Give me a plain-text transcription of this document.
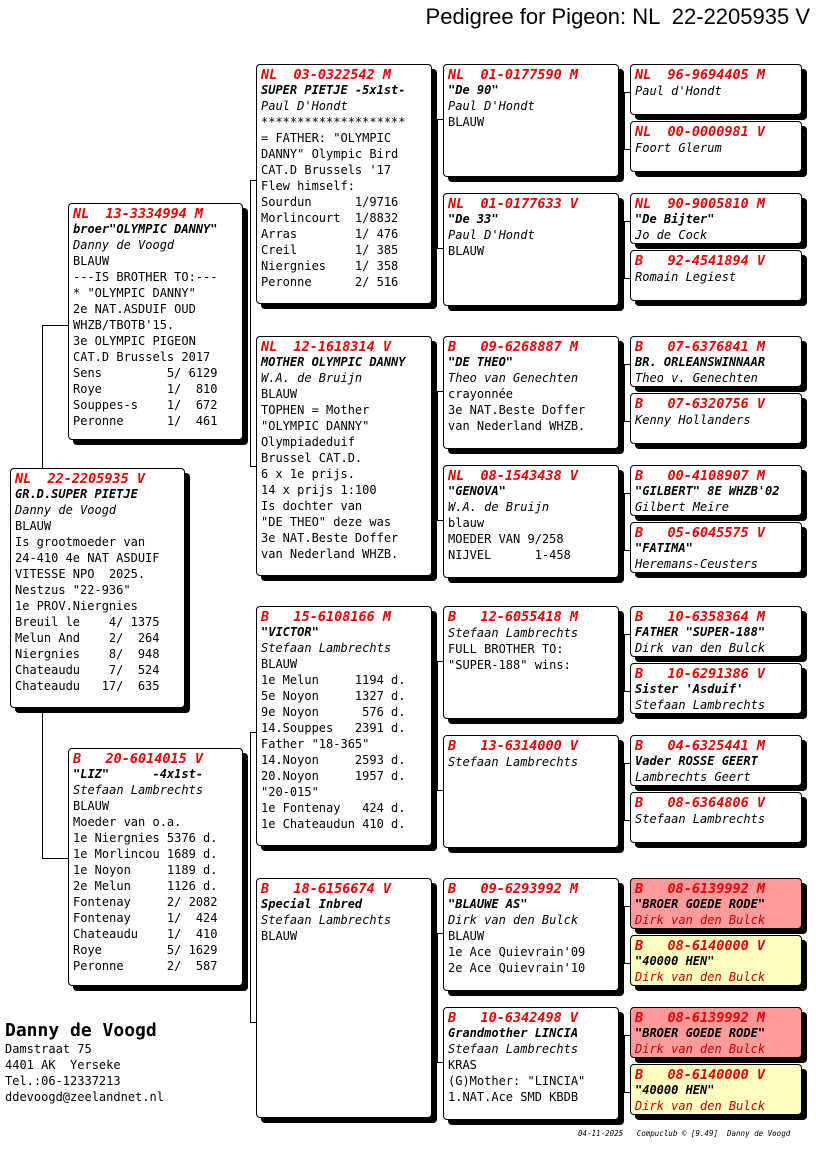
Pedigree for Pigeon: NL  22-2205935 V
NL  22-2205935 V
GR.D.SUPER PIETJE
Danny de Voogd
BLAUW
Is grootmoeder van
24-410 4e NAT ASDUIF
VITESSE NPO  2025.
Nestzus "22-936"
1e PROV.Niergnies
Breuil le    4/ 1375
Melun And    2/  264
Niergnies    8/  948
Chateaudu    7/  524
Chateaudu   17/  635
NL  13-3334994 M
broer"OLYMPIC DANNY"
Danny de Voogd
BLAUW
---IS BROTHER TO:---
* "OLYMPIC DANNY"
2e NAT.ASDUIF OUD
WHZB/TBOTB'15.
3e OLYMPIC PIGEON
CAT.D Brussels 2017
Sens         5/ 6129
Roye         1/  810
Souppes-s    1/  672
Peronne      1/  461
B   20-6014015 V
"LIZ"      -4x1st-
Stefaan Lambrechts
BLAUW
Moeder van o.a.
1e Niergnies 5376 d.
1e Morlincou 1689 d.
1e Noyon     1189 d.
2e Melun     1126 d.
Fontenay     2/ 2082
Fontenay     1/  424
Chateaudu    1/  410
Roye         5/ 1629
Peronne      2/  587
NL  03-0322542 M
SUPER PIETJE -5x1st-
Paul D'Hondt
********************
= FATHER: "OLYMPIC
DANNY" Olympic Bird
CAT.D Brussels '17
Flew himself:
Sourdun      1/9716
Morlincourt  1/8832
Arras        1/ 476
Creil        1/ 385
Niergnies    1/ 358
Peronne      2/ 516
NL  12-1618314 V
MOTHER OLYMPIC DANNY
W.A. de Bruijn
BLAUW
TOPHEN = Mother
"OLYMPIC DANNY"
Olympiadeduif
Brussel CAT.D.
6 x 1e prijs.
14 x prijs 1:100
Is dochter van
"DE THEO" deze was
3e NAT.Beste Doffer
van Nederland WHZB.
B   15-6108166 M
"VICTOR"
Stefaan Lambrechts
BLAUW
1e Melun     1194 d.
5e Noyon     1327 d.
9e Noyon      576 d.
14.Souppes   2391 d.
Father "18-365"
14.Noyon     2593 d.
20.Noyon     1957 d.
"20-015"
1e Fontenay   424 d.
1e Chateaudun 410 d.
B   18-6156674 V
Special Inbred
Stefaan Lambrechts
BLAUW
NL  01-0177590 M
"De 90"
Paul D'Hondt
BLAUW
NL  01-0177633 V
"De 33"
Paul D'Hondt
BLAUW
B   09-6268887 M
"DE THEO"
Theo van Genechten
crayonnée
3e NAT.Beste Doffer
van Nederland WHZB.
NL  08-1543438 V
"GENOVA"
W.A. de Bruijn
blauw
MOEDER VAN 9/258
NIJVEL      1-458
B   12-6055418 M
Stefaan Lambrechts
FULL BROTHER TO:
"SUPER-188" wins:
B   13-6314000 V
Stefaan Lambrechts
B   09-6293992 M
"BLAUWE AS"
Dirk van den Bulck
BLAUW
1e Ace Quievrain'09
2e Ace Quievrain'10
B   10-6342498 V
Grandmother LINCIA
Stefaan Lambrechts
KRAS
(G)Mother: "LINCIA"
1.NAT.Ace SMD KBDB
NL  96-9694405 M
Paul d'Hondt
NL  00-0000981 V
Foort Glerum
NL  90-9005810 M
"De Bijter"
Jo de Cock
B   92-4541894 V
Romain Legiest
B   07-6376841 M
BR. ORLEANSWINNAAR
Theo v. Genechten
B   07-6320756 V
Kenny Hollanders
B   00-4108907 M
"GILBERT" 8E WHZB'02
Gilbert Meire
B   05-6045575 V
"FATIMA"
Heremans-Ceusters
B   10-6358364 M
FATHER "SUPER-188"
Dirk van den Bulck
B   10-6291386 V
Sister 'Asduif'
Stefaan Lambrechts
B   04-6325441 M
Vader ROSSE GEERT
Lambrechts Geert
B   08-6364806 V
Stefaan Lambrechts
B   08-6139992 M
"BROER GOEDE RODE"
Dirk van den Bulck
B   08-6140000 V
"40000 HEN"
Dirk van den Bulck
B   08-6139992 M
"BROER GOEDE RODE"
Dirk van den Bulck
B   08-6140000 V
"40000 HEN"
Dirk van den Bulck
Danny de Voogd
Damstraat 75
4401 AK  Yerseke
Tel.:06-12337213
ddevoogd@zeelandnet.nl
04-11-2025   Compuclub © [9.49]  Danny de Voogd
